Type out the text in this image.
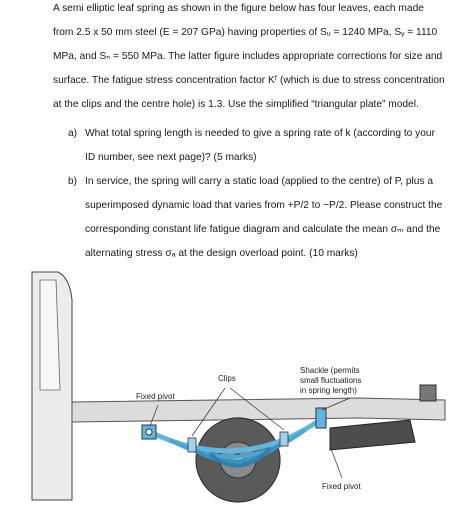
A semi elliptic leaf spring as shown in the figure below has four leaves, each made
from 2.5 x 50 mm steel (E = 207 GPa) having properties of Sᵤ = 1240 MPa, Sᵧ = 1110
MPa, and Sₙ = 550 MPa. The latter figure includes appropriate corrections for size and
surface. The fatigue stress concentration factor Kᶠ (which is due to stress concentration
at the clips and the centre hole) is 1.3. Use the simplified “triangular plate” model.
a) What total spring length is needed to give a spring rate of k (according to your
ID number, see next page)? (5 marks)
b) In service, the spring will carry a static load (applied to the centre) of P, plus a
superimposed dynamic load that varies from +P/2 to −P/2. Please construct the
corresponding constant life fatigue diagram and calculate the mean σₘ and the
alternating stress σₐ at the design overload point. (10 marks)
Clips
Fixed pivot
Shackle (permits
small fluctuations
in spring length)
Fixed pivot
